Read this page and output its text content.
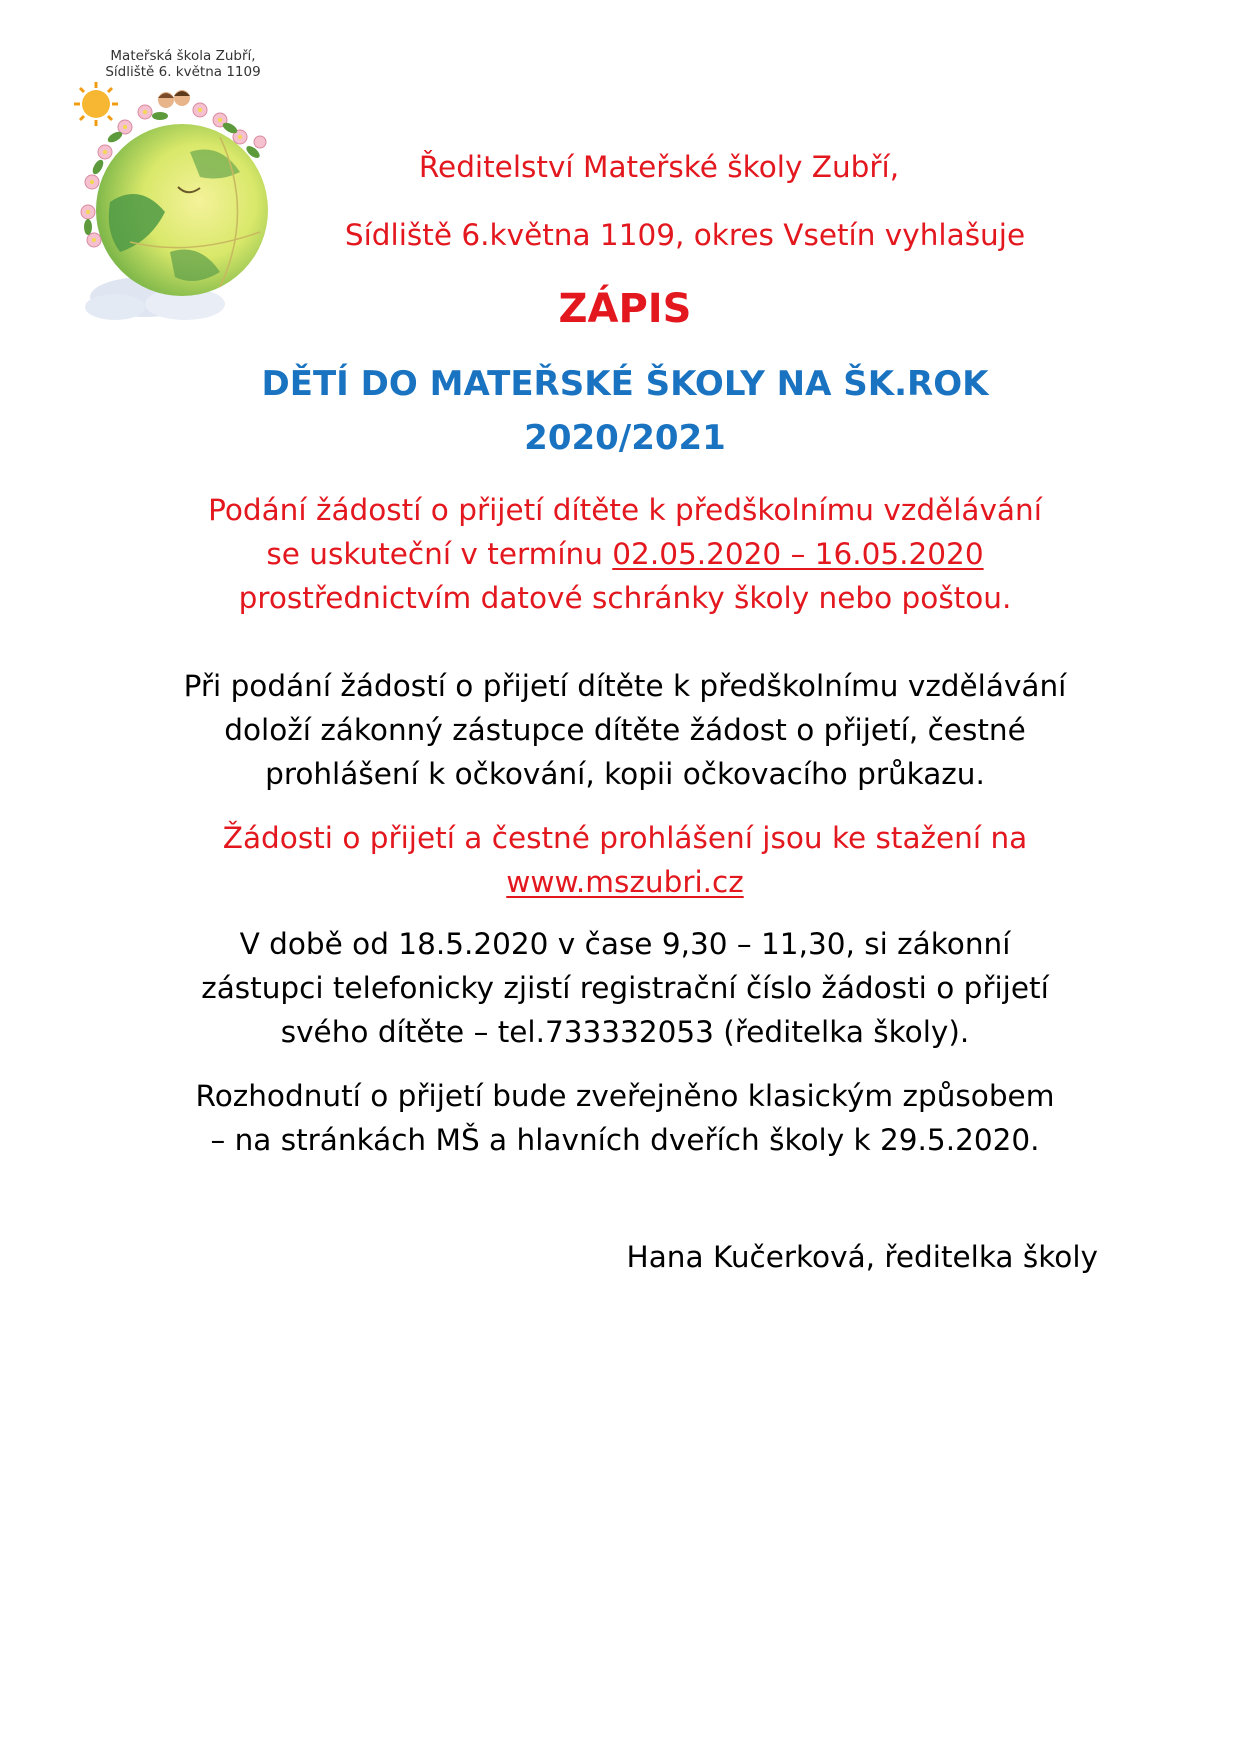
Mateřská škola Zubří,
Sídliště 6. května 1109
Ředitelství Mateřské školy Zubří,
Sídliště 6.května 1109, okres Vsetín vyhlašuje
ZÁPIS
DĚTÍ DO MATEŘSKÉ ŠKOLY NA ŠK.ROK
2020/2021
Podání žádostí o přijetí dítěte k předškolnímu vzdělávání
se uskuteční v termínu 02.05.2020 – 16.05.2020
prostřednictvím datové schránky školy nebo poštou.
Při podání žádostí o přijetí dítěte k předškolnímu vzdělávání
doloží zákonný zástupce dítěte žádost o přijetí, čestné
prohlášení k očkování, kopii očkovacího průkazu.
Žádosti o přijetí a čestné prohlášení jsou ke stažení na
www.mszubri.cz
V době od 18.5.2020 v čase 9,30 – 11,30, si zákonní
zástupci telefonicky zjistí registrační číslo žádosti o přijetí
svého dítěte – tel.733332053 (ředitelka školy).
Rozhodnutí o přijetí bude zveřejněno klasickým způsobem
– na stránkách MŠ a hlavních dveřích školy k 29.5.2020.
Hana Kučerková, ředitelka školy
